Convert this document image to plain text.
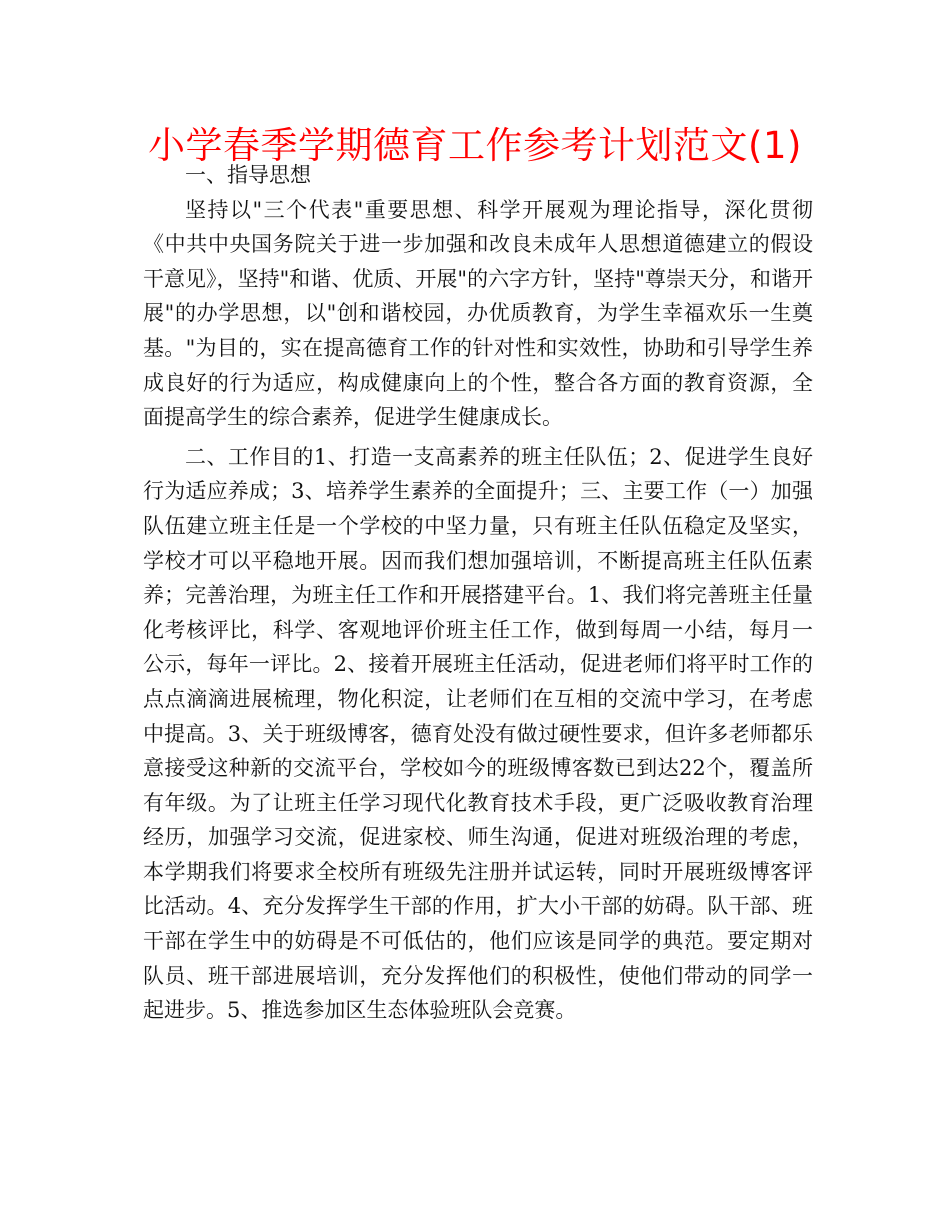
小学春季学期德育工作参考计划范文(1)
一、指导思想

坚持以"三个代表"重要思想、科学开展观为理论指导，深化贯彻《中共中央国务院关于进一步加强和改良未成年人思想道德建立的假设干意见》，坚持"和谐、优质、开展"的六字方针，坚持"尊崇天分，和谐开展"的办学思想，以"创和谐校园，办优质教育，为学生幸福欢乐一生奠基。"为目的，实在提高德育工作的针对性和实效性，协助和引导学生养成良好的行为适应，构成健康向上的个性，整合各方面的教育资源，全面提高学生的综合素养，促进学生健康成长。

二、工作目的1、打造一支高素养的班主任队伍；2、促进学生良好行为适应养成；3、培养学生素养的全面提升；三、主要工作（一）加强队伍建立班主任是一个学校的中坚力量，只有班主任队伍稳定及坚实，学校才可以平稳地开展。因而我们想加强培训，不断提高班主任队伍素养；完善治理，为班主任工作和开展搭建平台。1、我们将完善班主任量化考核评比，科学、客观地评价班主任工作，做到每周一小结，每月一公示，每年一评比。2、接着开展班主任活动，促进老师们将平时工作的点点滴滴进展梳理，物化积淀，让老师们在互相的交流中学习，在考虑中提高。3、关于班级博客，德育处没有做过硬性要求，但许多老师都乐意接受这种新的交流平台，学校如今的班级博客数已到达22个，覆盖所有年级。为了让班主任学习现代化教育技术手段，更广泛吸收教育治理经历，加强学习交流，促进家校、师生沟通，促进对班级治理的考虑，本学期我们将要求全校所有班级先注册并试运转，同时开展班级博客评比活动。4、充分发挥学生干部的作用，扩大小干部的妨碍。队干部、班干部在学生中的妨碍是不可低估的，他们应该是同学的典范。要定期对队员、班干部进展培训，充分发挥他们的积极性，使他们带动的同学一起进步。5、推选参加区生态体验班队会竞赛。
